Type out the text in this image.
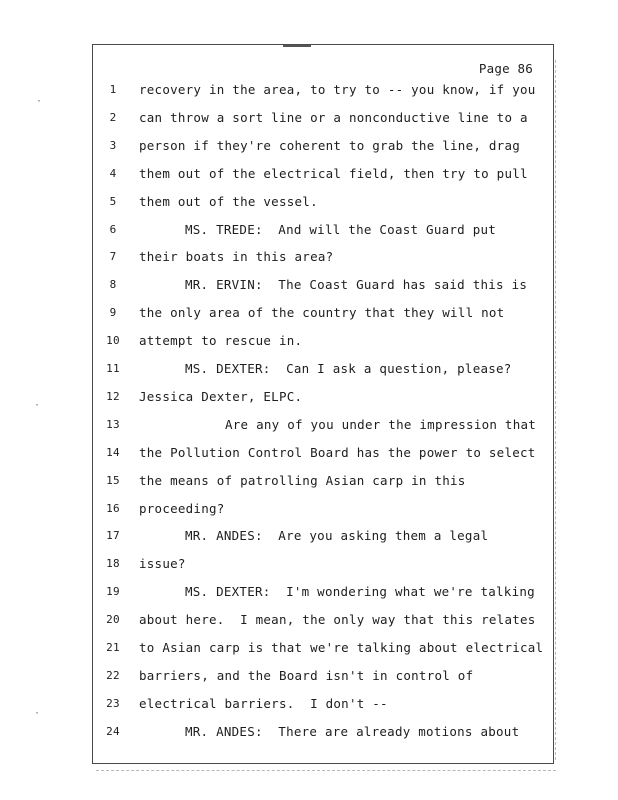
Page 86
1	recovery in the area, to try to -- you know, if you
2	can throw a sort line or a nonconductive line to a
3	person if they're coherent to grab the line, drag
4	them out of the electrical field, then try to pull
5	them out of the vessel.
6	MS. TREDE:  And will the Coast Guard put
7	their boats in this area?
8	MR. ERVIN:  The Coast Guard has said this is
9	the only area of the country that they will not
10 attempt to rescue in.
11	MS. DEXTER:  Can I ask a question, please?
12 Jessica Dexter, ELPC.
13	Are any of you under the impression that
14 the Pollution Control Board has the power to select
15 the means of patrolling Asian carp in this
16 proceeding?
17	MR. ANDES:  Are you asking them a legal
18 issue?
19	MS. DEXTER:  I'm wondering what we're talking
20 about here.  I mean, the only way that this relates
21 to Asian carp is that we're talking about electrical
22 barriers, and the Board isn't in control of
23 electrical barriers.  I don't --
24	MR. ANDES:  There are already motions about
·
·
·
